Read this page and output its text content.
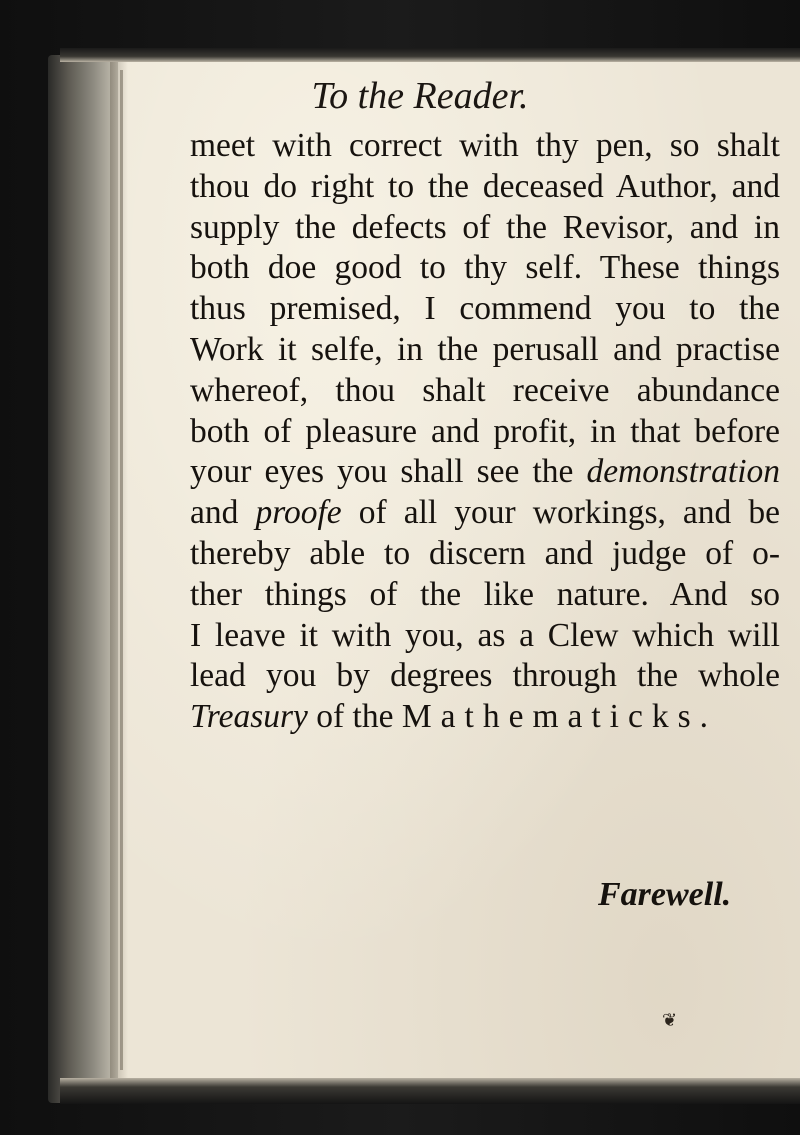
To the Reader.
meet with correct with thy pen, so shalt
thou do right to the deceased Author, and
supply the defects of the Revisor, and in
both doe good to thy self. These things
thus premised, I commend you to the
Work it selfe, in the perusall and practise
whereof, thou shalt receive abundance
both of pleasure and profit, in that before
your eyes you shall see the demonstration
and proofe of all your workings, and be
thereby able to discern and judge of o-
ther things of the like nature. And so
I leave it with you, as a Clew which will
lead you by degrees through the whole
Treasury of the Mathematicks.
Farewell.
❦
